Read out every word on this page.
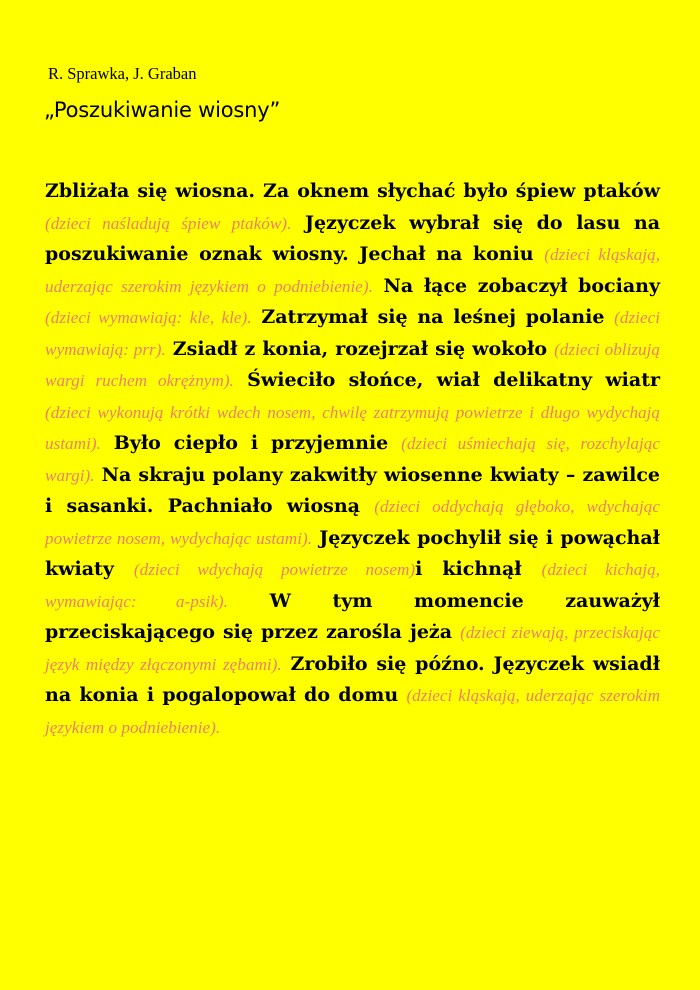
R. Sprawka, J. Graban

„Poszukiwanie wiosny”

Zbliżała się wiosna. Za oknem słychać było śpiew ptaków (dzieci naśladują śpiew ptaków). Języczek wybrał się do lasu na poszukiwanie oznak wiosny. Jechał na koniu (dzieci kląskają, uderzając szerokim językiem o podniebienie). Na łące zobaczył bociany (dzieci wymawiają: kle, kle). Zatrzymał się na leśnej polanie (dzieci wymawiają: prr). Zsiadł z konia, rozejrzał się wokoło (dzieci oblizują wargi ruchem okrężnym). Świeciło słońce, wiał delikatny wiatr (dzieci wykonują krótki wdech nosem, chwilę zatrzymują powietrze i długo wydychają ustami). Było ciepło i przyjemnie (dzieci uśmiechają się, rozchylając wargi). Na skraju polany zakwitły wiosenne kwiaty – zawilce i sasanki. Pachniało wiosną (dzieci oddychają głęboko, wdychając powietrze nosem, wydychając ustami). Języczek pochylił się i powąchał kwiaty (dzieci wdychają powietrze nosem)i kichnął (dzieci kichają, wymawiając: a-psik). W tym momencie zauważył przeciskającego się przez zarośla jeża (dzieci ziewają, przeciskając język między złączonymi zębami). Zrobiło się późno. Języczek wsiadł na konia i pogalopował do domu (dzieci kląskają, uderzając szerokim językiem o podniebienie).
